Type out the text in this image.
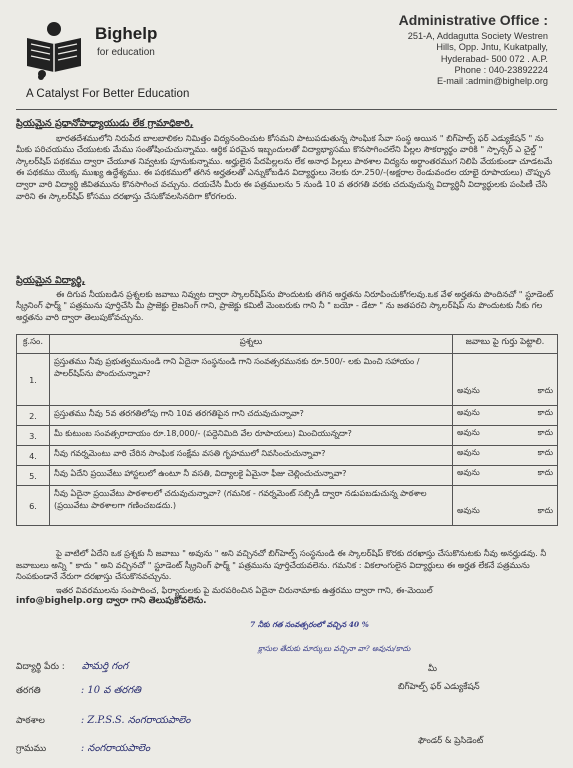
Bighelp
for education
A Catalyst For Better Education
Administrative Office :
251-A, Addagutta Society Westren
Hills, Opp. Jntu, Kukatpally,
Hyderabad- 500 072 . A.P.
Phone : 040-23892224
E-mail :admin@bighelp.org
ప్రియమైన ప్రధానోపాధ్యాయుడు లేక గ్రామాధికారి,
భారతదేశములోని నిరుపేద బాలబాలికల నిమిత్తం విద్యనందించుట కోసమని పాటుపడుతున్న సాంఘిక సేవా సంస్థ అయిన " బిగ్‌హెల్ప్ ఫర్ ఎడ్యుకేషన్ " ను మీకు పరిచయము చేయుటకు మేము సంతోషించుచున్నాము. ఆర్థిక పరమైన ఇబ్బందులతో విద్యాభ్యాసము కొనసాగించలేని పిల్లల సౌకర్యార్థం వారికి " స్పాన్సర్ ఎ చైల్డ్ " స్కాలర్‌షిప్ పథకము ద్వారా చేయూత నివ్వటకు పూనుకున్నాము. అర్హులైన పేదపిల్లలను లేక అనాధ పిల్లలు పాఠశాల విద్యను అర్థాంతరముగ నిలిపి వేయకుండా చూడటమే ఈ పథకము యొక్క ముఖ్య ఉద్దేశ్యము. ఈ పథకములో తగిన అర్హతలతో ఎన్నుకోబడిన విద్యార్థులు నెలకు రూ.250/-(అక్షరాల రెండువందల యాభై రూపాయలు) చొప్పున ద్వారా వారి విద్యార్థి జీవితమును కొనసాగించ వచ్చును. దయచేసి మీరు ఈ పత్రములను 5 నుండి 10 వ తరగతి వరకు చదువుచున్న విద్యార్థినీ విద్యార్థులకు పంపిణీ చేసి వారిని ఈ స్కాలర్‌షిప్ కోసము దరఖాస్తు చేసుకోవలసినదిగా కోరగలరు.
ప్రియమైన విద్యార్థి,
ఈ దిగువ నీయబడిన ప్రశ్నలకు జవాబు నివ్వుట ద్వారా స్కాలర్‌షిప్‌ను పొందుటకు తగిన అర్హతను నిరూపించుకోగలవు.ఒక వేళ అర్హతను పొందినచో " స్టూడెంట్ స్క్రీనింగ్ ఫార్మ్ " పత్రమును పూర్తిచేసి మీ ప్రాజెక్టు లైజనింగ్ గాని, ప్రాజెక్టు కమిటీ మెంబరుకు గాని నీ " బయో - డేటా " ను జతపరచి స్కాలర్‌షిప్ ను పొందుటకు నీకు గల అర్హతను వారి ద్వారా తెలుపుకోవచ్చును.
క్ర.సం.	ప్రశ్నలు	జవాబు పై గుర్తు పెట్టాలి.
1.	ప్రస్తుతము నీవు ప్రభుత్వమునుండి గాని ఏదైనా సంస్థనుండి గాని సంవత్సరమునకు రూ.500/- లకు మించి సహాయం / పాలర్‌షిప్‌ను పొందుచున్నావా?	అవును కాదు

2.	ప్రస్తుతము నీవు 5వ తరగతిలోపు గాని 10వ తరగతిపైన గాని చదువుచున్నావా?	అవును కాదు

3.	మీ కుటుంబ సంవత్సరాదాయం రూ.18,000/- (పద్దెనిమిది వేల రూపాయలు) మించియున్నదా?	అవును కాదు

4.	నీవు గవర్నమెంటు వారి చేరిన సాంఘిక సంక్షేమ వసతి గృహములో నివసించుచున్నావా?	అవును కాదు

5.	నీవు ఏదేని ప్రయివేటు హాస్టలులో ఉంటూ నీ వసతి, విద్యాలకై ఏమైనా ఫీజు చెల్లించుచున్నావా?	అవును కాదు

6.	నీవు ఏదైనా ప్రయివేటు పాఠశాలలో చదువుచున్నావా? (గమనిక - గవర్నమెంట్ సబ్సిడీ ద్వారా నడుపబడుచున్న పాఠశాల (ప్రయివేటు పాఠశాలగా గణించబడదు.)	అవును కాదు
పై వాటిలో ఏదేని ఒక ప్రశ్నకు నీ జవాబు " అవును " అని వచ్చినచో బిగ్‌హెల్ప్ సంస్థనుండి ఈ స్కాలర్‌షిప్ కొరకు దరఖాస్తు చేసుకొనుటకు నీవు అనర్హుడవు. నీ జవాబులు అన్ని " కాదు " అని వచ్చినచో " స్టూడెంట్ స్క్రీనింగ్ ఫార్మ్ " పత్రమును పూర్తిచేయవలెను. గమనిక : వికలాంగులైన విద్యార్థులు ఈ అర్హత లేకనే పత్రమును నింపకుండానే నేరుగా దరఖాస్తు చేసుకొనవచ్చును.
ఇతర వివరములను సంపాదించ, ఫిర్యాదులకు పై మరపరించిన ఏదైనా చిరునామాకు ఉత్తరము ద్వారా గాని, ఈ-మెయిల్
info@bighelp.org ద్వారా గాని తెలుపుకోవలెను.
7 నీకు గత సంవత్సరంలో వచ్చిన 40 %
క్లాసుల తేదుకు మార్కులు వచ్చినా వా? అవును/కాదు
విద్యార్థి పేరు : పామర్తి గంగ
తరగతి	: 10 వ తరగతి
పాఠశాల	: Z.P.S.S. నంగరాయపాలెం
గ్రామము	: నంగరాయపాలెం
మీ
బిగ్‌హెల్ప్ ఫర్ ఎడ్యుకేషన్
ఫౌండర్ & ప్రెసిడెంట్
